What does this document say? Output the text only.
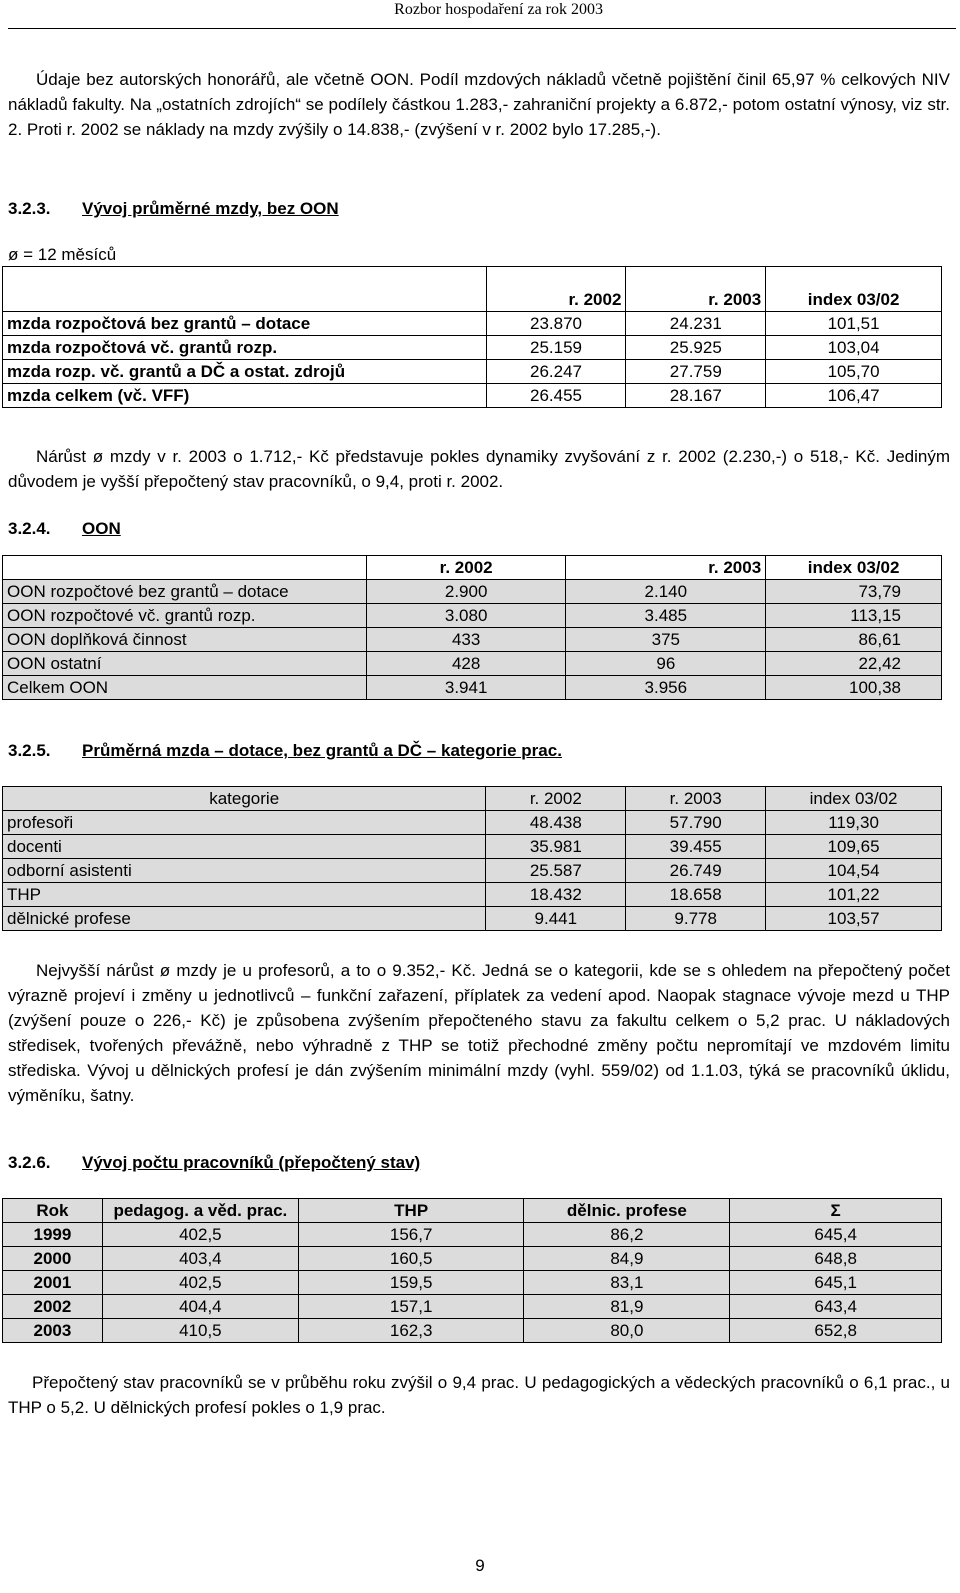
Rozbor hospodaření za rok 2003

Údaje bez autorských honorářů, ale včetně OON. Podíl mzdových nákladů včetně pojištění činil 65,97 % celkových NIV nákladů fakulty. Na „ostatních zdrojích“ se podílely částkou 1.283,- zahraniční projekty a 6.872,- potom ostatní výnosy, viz str. 2. Proti r. 2002 se náklady na mzdy zvýšily o 14.838,- (zvýšení v r. 2002 bylo 17.285,-).

3.2.3. Vývoj průměrné mzdy, bez OON
ø = 12 měsíců
	r. 2002	r. 2003	index 03/02
mzda rozpočtová bez grantů – dotace	23.870	24.231	101,51
mzda rozpočtová vč. grantů rozp.	25.159	25.925	103,04
mzda rozp. vč. grantů a DČ a ostat. zdrojů	26.247	27.759	105,70
mzda celkem (vč. VFF)	26.455	28.167	106,47

Nárůst ø mzdy v r. 2003 o 1.712,- Kč představuje pokles dynamiky zvyšování z r. 2002 (2.230,-) o 518,- Kč. Jediným důvodem je vyšší přepočtený stav pracovníků, o 9,4, proti r. 2002.

3.2.4. OON
	r. 2002	r. 2003	index 03/02
OON rozpočtové bez grantů – dotace	2.900	2.140	73,79
OON rozpočtové vč. grantů rozp.	3.080	3.485	113,15
OON doplňková činnost	433	375	86,61
OON ostatní	428	96	22,42
Celkem OON	3.941	3.956	100,38
3.2.5. Průměrná mzda – dotace, bez grantů a DČ – kategorie prac.
kategorie	r. 2002	r. 2003	index 03/02
profesoři	48.438	57.790	119,30
docenti	35.981	39.455	109,65
odborní asistenti	25.587	26.749	104,54
THP	18.432	18.658	101,22
dělnické profese	9.441	9.778	103,57

Nejvyšší nárůst ø mzdy je u profesorů, a to o 9.352,- Kč. Jedná se o kategorii, kde se s ohledem na přepočtený počet výrazně projeví i změny u jednotlivců – funkční zařazení, příplatek za vedení apod. Naopak stagnace vývoje mezd u THP (zvýšení pouze o 226,- Kč) je způsobena zvýšením přepočteného stavu za fakultu celkem o 5,2 prac. U nákladových středisek, tvořených převážně, nebo výhradně z THP se totiž přechodné změny počtu nepromítají ve mzdovém limitu střediska. Vývoj u dělnických profesí je dán zvýšením minimální mzdy (vyhl. 559/02) od 1.1.03, týká se pracovníků úklidu, výměníku, šatny.

3.2.6. Vývoj počtu pracovníků (přepočtený stav)
Rok	pedagog. a věd. prac.	THP	dělnic. profese	Σ
1999	402,5	156,7	86,2	645,4
2000	403,4	160,5	84,9	648,8
2001	402,5	159,5	83,1	645,1
2002	404,4	157,1	81,9	643,4
2003	410,5	162,3	80,0	652,8

Přepočtený stav pracovníků se v průběhu roku zvýšil o 9,4 prac. U pedagogických a vědeckých pracovníků o 6,1 prac., u THP o 5,2. U dělnických profesí pokles o 1,9 prac.

9
